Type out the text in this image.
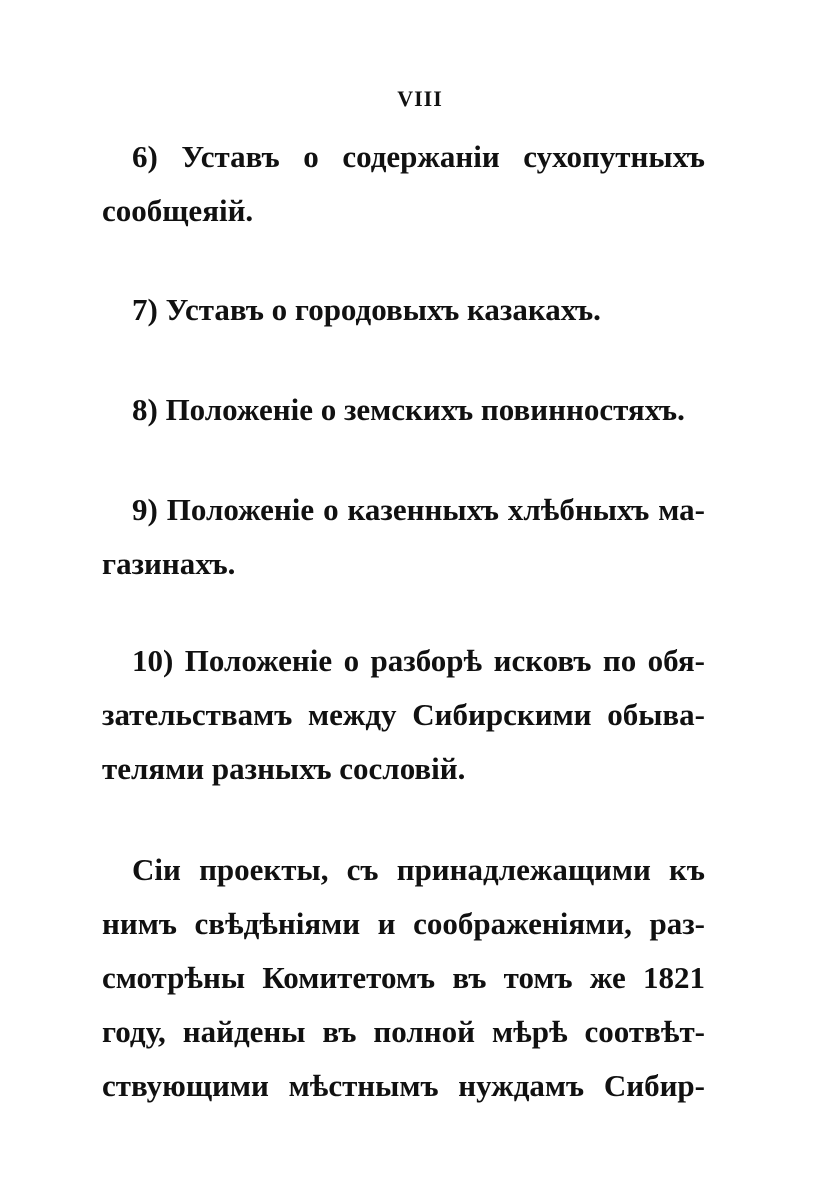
VIII
6) Уставъ о содержаніи сухопутныхъ
сообщеяій.
7) Уставъ о городовыхъ казакахъ.
8) Положеніе о земскихъ повинностяхъ.
9) Положеніе о казенныхъ хлѣбныхъ ма-
газинахъ.
10) Положеніе о разборѣ исковъ по обя-
зательствамъ между Сибирскими обыва-
телями разныхъ сословій.
Сіи проекты, съ принадлежащими къ
нимъ свѣдѣніями и соображеніями, раз-
смотрѣны Комитетомъ въ томъ же 1821
году, найдены въ полной мѣрѣ соотвѣт-
ствующими мѣстнымъ нуждамъ Сибир-
